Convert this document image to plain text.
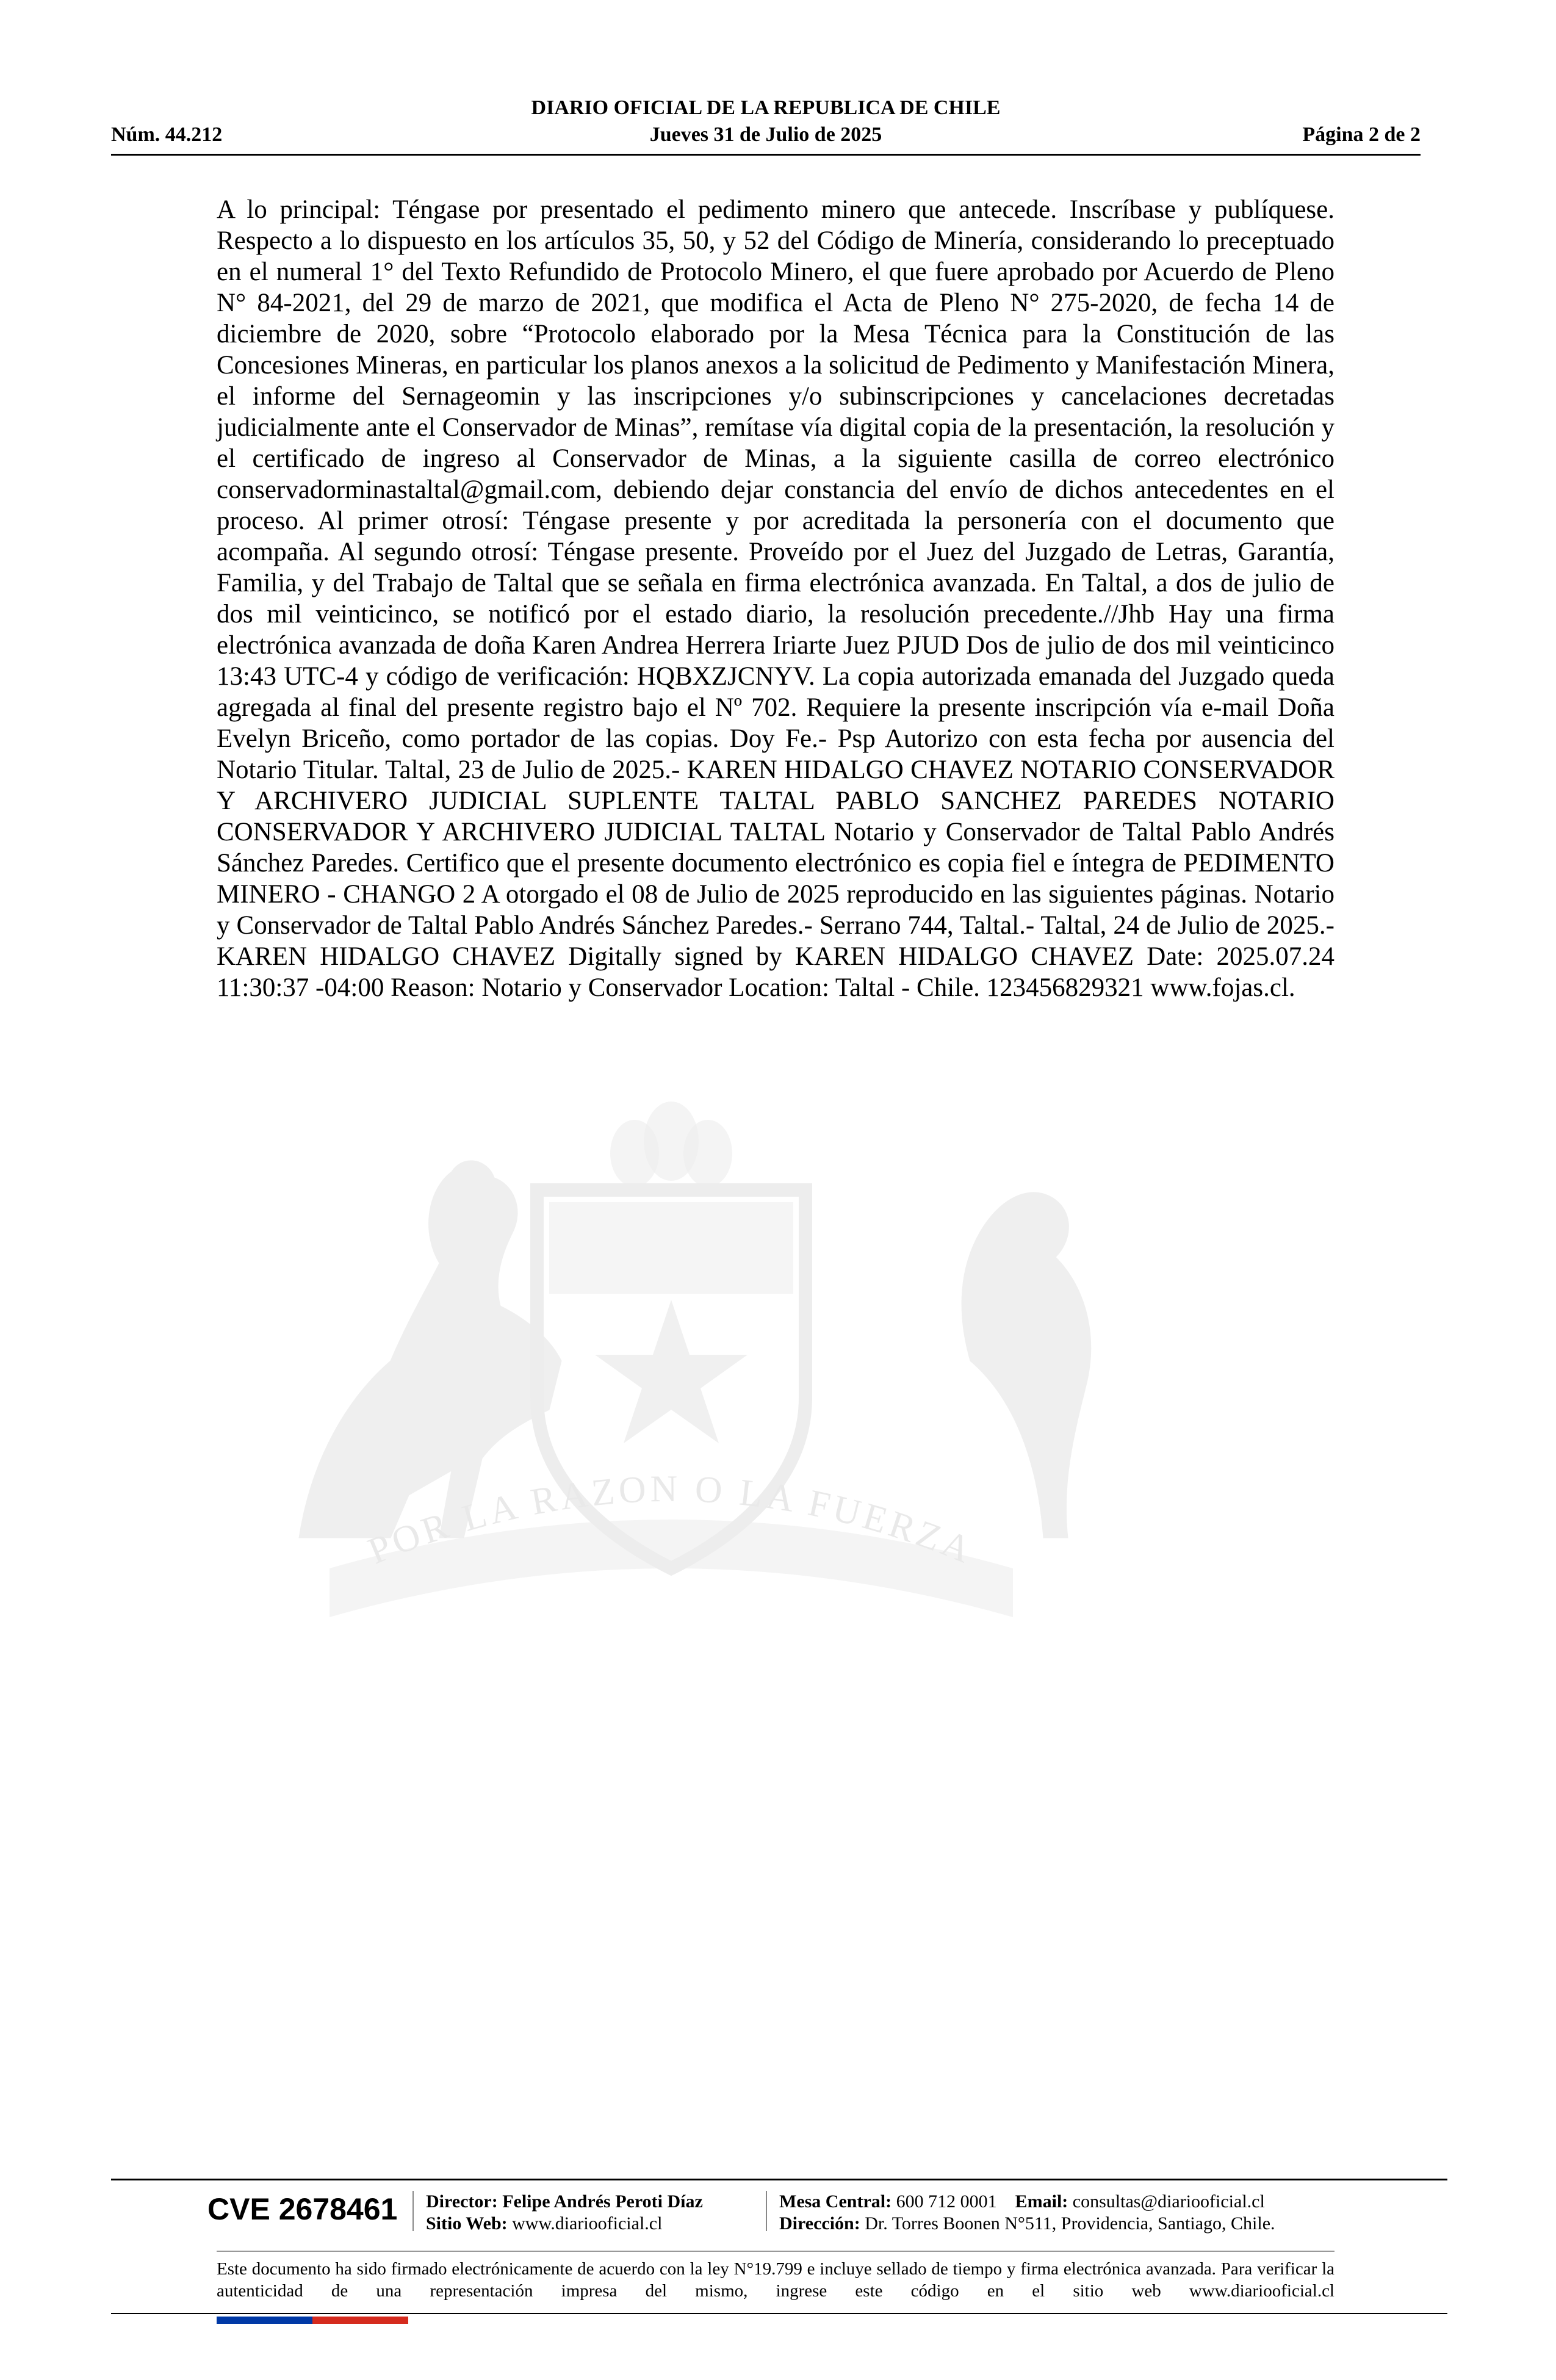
DIARIO OFICIAL DE LA REPUBLICA DE CHILE
Núm. 44.212	Jueves 31 de Julio de 2025	Página 2 de 2
POR LA RAZON O LA FUERZA
A lo principal: Téngase por presentado el pedimento minero que antecede. Inscríbase y publíquese. Respecto a lo dispuesto en los artículos 35, 50, y 52 del Código de Minería, considerando lo preceptuado en el numeral 1° del Texto Refundido de Protocolo Minero, el que fuere aprobado por Acuerdo de Pleno N° 84-2021, del 29 de marzo de 2021, que modifica el Acta de Pleno N° 275-2020, de fecha 14 de diciembre de 2020, sobre “Protocolo elaborado por la Mesa Técnica para la Constitución de las Concesiones Mineras, en particular los planos anexos a la solicitud de Pedimento y Manifestación Minera, el informe del Sernageomin y las inscripciones y/o subinscripciones y cancelaciones decretadas judicialmente ante el Conservador de Minas”, remítase vía digital copia de la presentación, la resolución y el certificado de ingreso al Conservador de Minas, a la siguiente casilla de correo electrónico conservadorminastaltal@gmail.com, debiendo dejar constancia del envío de dichos antecedentes en el proceso. Al primer otrosí: Téngase presente y por acreditada la personería con el documento que acompaña. Al segundo otrosí: Téngase presente. Proveído por el Juez del Juzgado de Letras, Garantía, Familia, y del Trabajo de Taltal que se señala en firma electrónica avanzada. En Taltal, a dos de julio de dos mil veinticinco, se notificó por el estado diario, la resolución precedente.//Jhb Hay una firma electrónica avanzada de doña Karen Andrea Herrera Iriarte Juez PJUD Dos de julio de dos mil veinticinco 13:43 UTC-4 y código de verificación: HQBXZJCNYV. La copia autorizada emanada del Juzgado queda agregada al final del presente registro bajo el Nº 702. Requiere la presente inscripción vía e-mail Doña Evelyn Briceño, como portador de las copias. Doy Fe.- Psp Autorizo con esta fecha por ausencia del Notario Titular. Taltal, 23 de Julio de 2025.- KAREN HIDALGO CHAVEZ NOTARIO CONSERVADOR Y ARCHIVERO JUDICIAL SUPLENTE TALTAL PABLO SANCHEZ PAREDES NOTARIO CONSERVADOR Y ARCHIVERO JUDICIAL TALTAL Notario y Conservador de Taltal Pablo Andrés Sánchez Paredes. Certifico que el presente documento electrónico es copia fiel e íntegra de PEDIMENTO MINERO - CHANGO 2 A otorgado el 08 de Julio de 2025 reproducido en las siguientes páginas. Notario y Conservador de Taltal Pablo Andrés Sánchez Paredes.- Serrano 744, Taltal.- Taltal, 24 de Julio de 2025.- KAREN HIDALGO CHAVEZ Digitally signed by KAREN HIDALGO CHAVEZ Date: 2025.07.24 11:30:37 -04:00 Reason: Notario y Conservador Location: Taltal - Chile. 123456829321 www.fojas.cl.
CVE 2678461 Director: Felipe Andrés Peroti Díaz
Sitio Web: www.diariooficial.cl
Mesa Central: 600 712 0001 Email: consultas@diariooficial.cl
Dirección: Dr. Torres Boonen N°511, Providencia, Santiago, Chile.
Este documento ha sido firmado electrónicamente de acuerdo con la ley N°19.799 e incluye sellado de tiempo y firma electrónica avanzada. Para verificar la autenticidad de una representación impresa del mismo, ingrese este código en el sitio web www.diariooficial.cl
